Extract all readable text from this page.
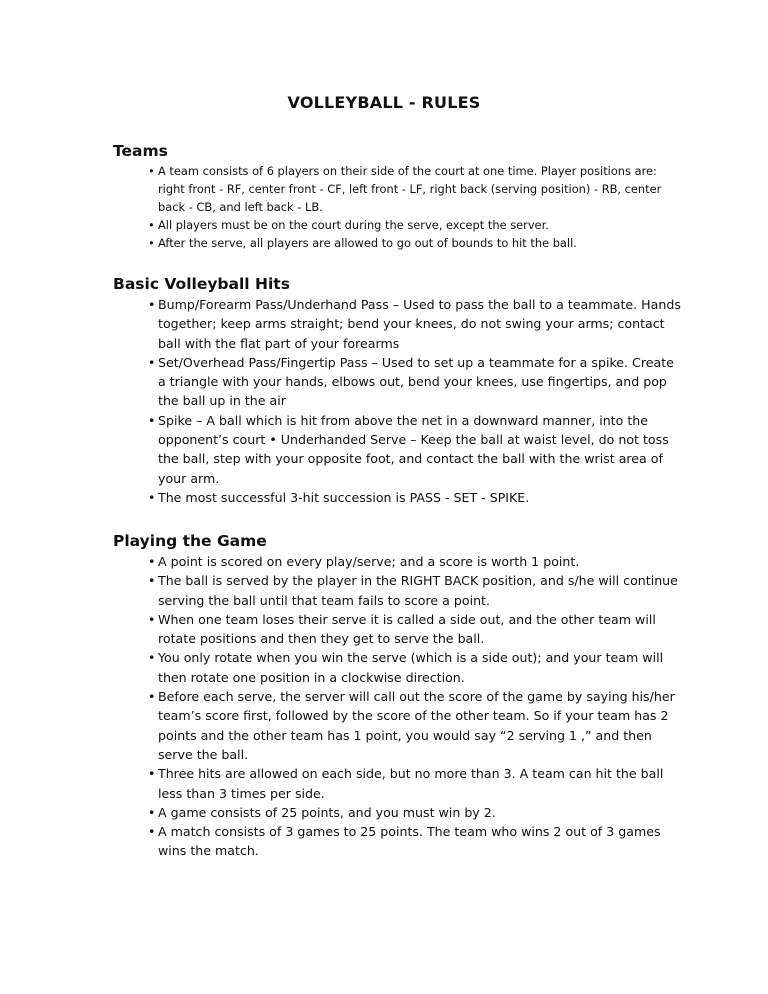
VOLLEYBALL - RULES
Teams
• A team consists of 6 players on their side of the court at one time. Player positions are: right front - RF, center front - CF, left front - LF, right back (serving position) - RB, center back - CB, and left back - LB.
• All players must be on the court during the serve, except the server.
• After the serve, all players are allowed to go out of bounds to hit the ball.
Basic Volleyball Hits
• Bump/Forearm Pass/Underhand Pass – Used to pass the ball to a teammate. Hands together; keep arms straight; bend your knees, do not swing your arms; contact ball with the flat part of your forearms
• Set/Overhead Pass/Fingertip Pass – Used to set up a teammate for a spike. Create a triangle with your hands, elbows out, bend your knees, use fingertips, and pop the ball up in the air
• Spike – A ball which is hit from above the net in a downward manner, into the opponent’s court • Underhanded Serve – Keep the ball at waist level, do not toss the ball, step with your opposite foot, and contact the ball with the wrist area of your arm.
• The most successful 3-hit succession is PASS - SET - SPIKE.
Playing the Game
• A point is scored on every play/serve; and a score is worth 1 point.
• The ball is served by the player in the RIGHT BACK position, and s/he will continue serving the ball until that team fails to score a point.
• When one team loses their serve it is called a side out, and the other team will rotate positions and then they get to serve the ball.
• You only rotate when you win the serve (which is a side out); and your team will then rotate one position in a clockwise direction.
• Before each serve, the server will call out the score of the game by saying his/her team’s score first, followed by the score of the other team. So if your team has 2 points and the other team has 1 point, you would say “2 serving 1 ,” and then serve the ball.
• Three hits are allowed on each side, but no more than 3. A team can hit the ball less than 3 times per side.
• A game consists of 25 points, and you must win by 2.
• A match consists of 3 games to 25 points. The team who wins 2 out of 3 games wins the match.
